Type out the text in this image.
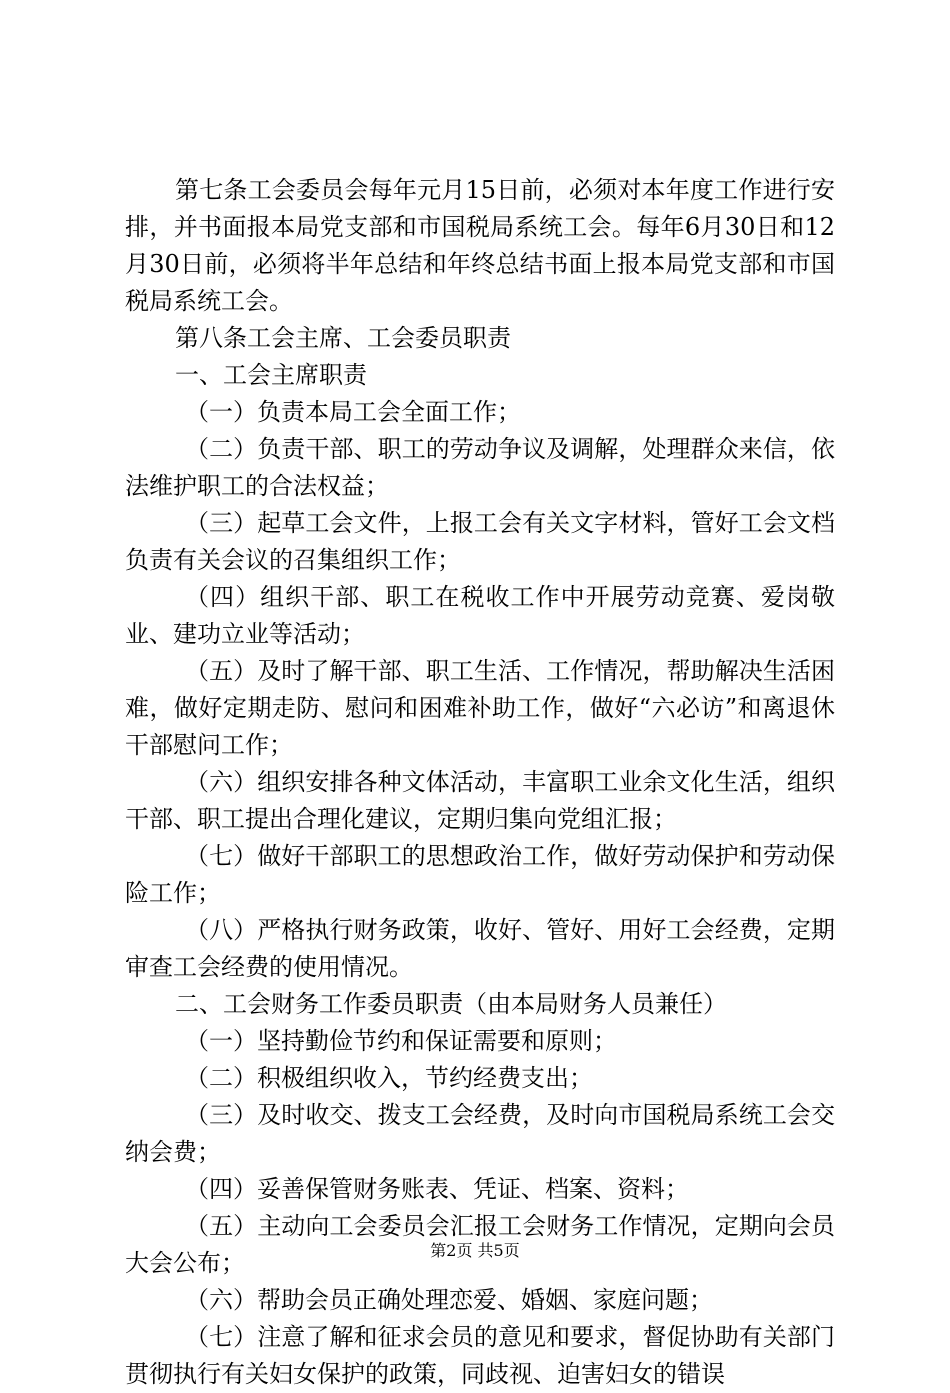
第七条工会委员会每年元月15日前，必须对本年度工作进行安排，并书面报本局党支部和市国税局系统工会。每年6月30日和12月30日前，必须将半年总结和年终总结书面上报本局党支部和市国税局系统工会。

第八条工会主席、工会委员职责

一、工会主席职责

（一）负责本局工会全面工作；

（二）负责干部、职工的劳动争议及调解，处理群众来信，依法维护职工的合法权益；

（三）起草工会文件，上报工会有关文字材料，管好工会文档负责有关会议的召集组织工作；

（四）组织干部、职工在税收工作中开展劳动竞赛、爱岗敬业、建功立业等活动；

（五）及时了解干部、职工生活、工作情况，帮助解决生活困难，做好定期走防、慰问和困难补助工作，做好“六必访”和离退休干部慰问工作；

（六）组织安排各种文体活动，丰富职工业余文化生活，组织干部、职工提出合理化建议，定期归集向党组汇报；

（七）做好干部职工的思想政治工作，做好劳动保护和劳动保险工作；

（八）严格执行财务政策，收好、管好、用好工会经费，定期审查工会经费的使用情况。

二、工会财务工作委员职责（由本局财务人员兼任）

（一）坚持勤俭节约和保证需要和原则；

（二）积极组织收入，节约经费支出；

（三）及时收交、拨支工会经费，及时向市国税局系统工会交纳会费；

（四）妥善保管财务账表、凭证、档案、资料；

（五）主动向工会委员会汇报工会财务工作情况，定期向会员大会公布；

（六）帮助会员正确处理恋爱、婚姻、家庭问题；

（七）注意了解和征求会员的意见和要求，督促协助有关部门贯彻执行有关妇女保护的政策，同歧视、迫害妇女的错误

第2页 共5页
